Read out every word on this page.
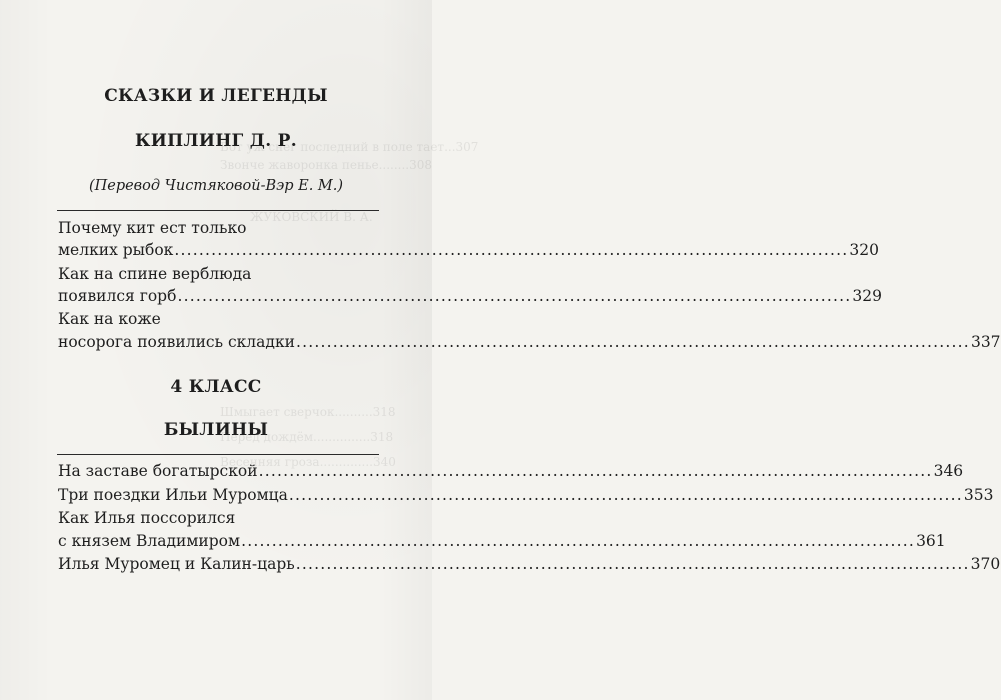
Вот уж снег последний в поле тает...307
Звонче жаворонка пенье........308
ЖУКОВСКИЙ В. А.
Шмыгает сверчок..........318
Перед дождём...............318
Весенняя гроза..............340
СКАЗКИ И ЛЕГЕНДЫ
КИПЛИНГ Д. Р.
(Перевод Чистяковой-Вэр Е. М.)
Почему кит ест только
мелких рыбок .....	320
Как на спине верблюда
появился горб .....	329
Как на коже
носорога появились складки .....	337
4 КЛАСС
БЫЛИНЫ
На заставе богатырской .....	346
Три поездки Ильи Муромца .....	353
Как Илья поссорился
с князем Владимиром .....	361
Илья Муромец и Калин-царь .....	370
